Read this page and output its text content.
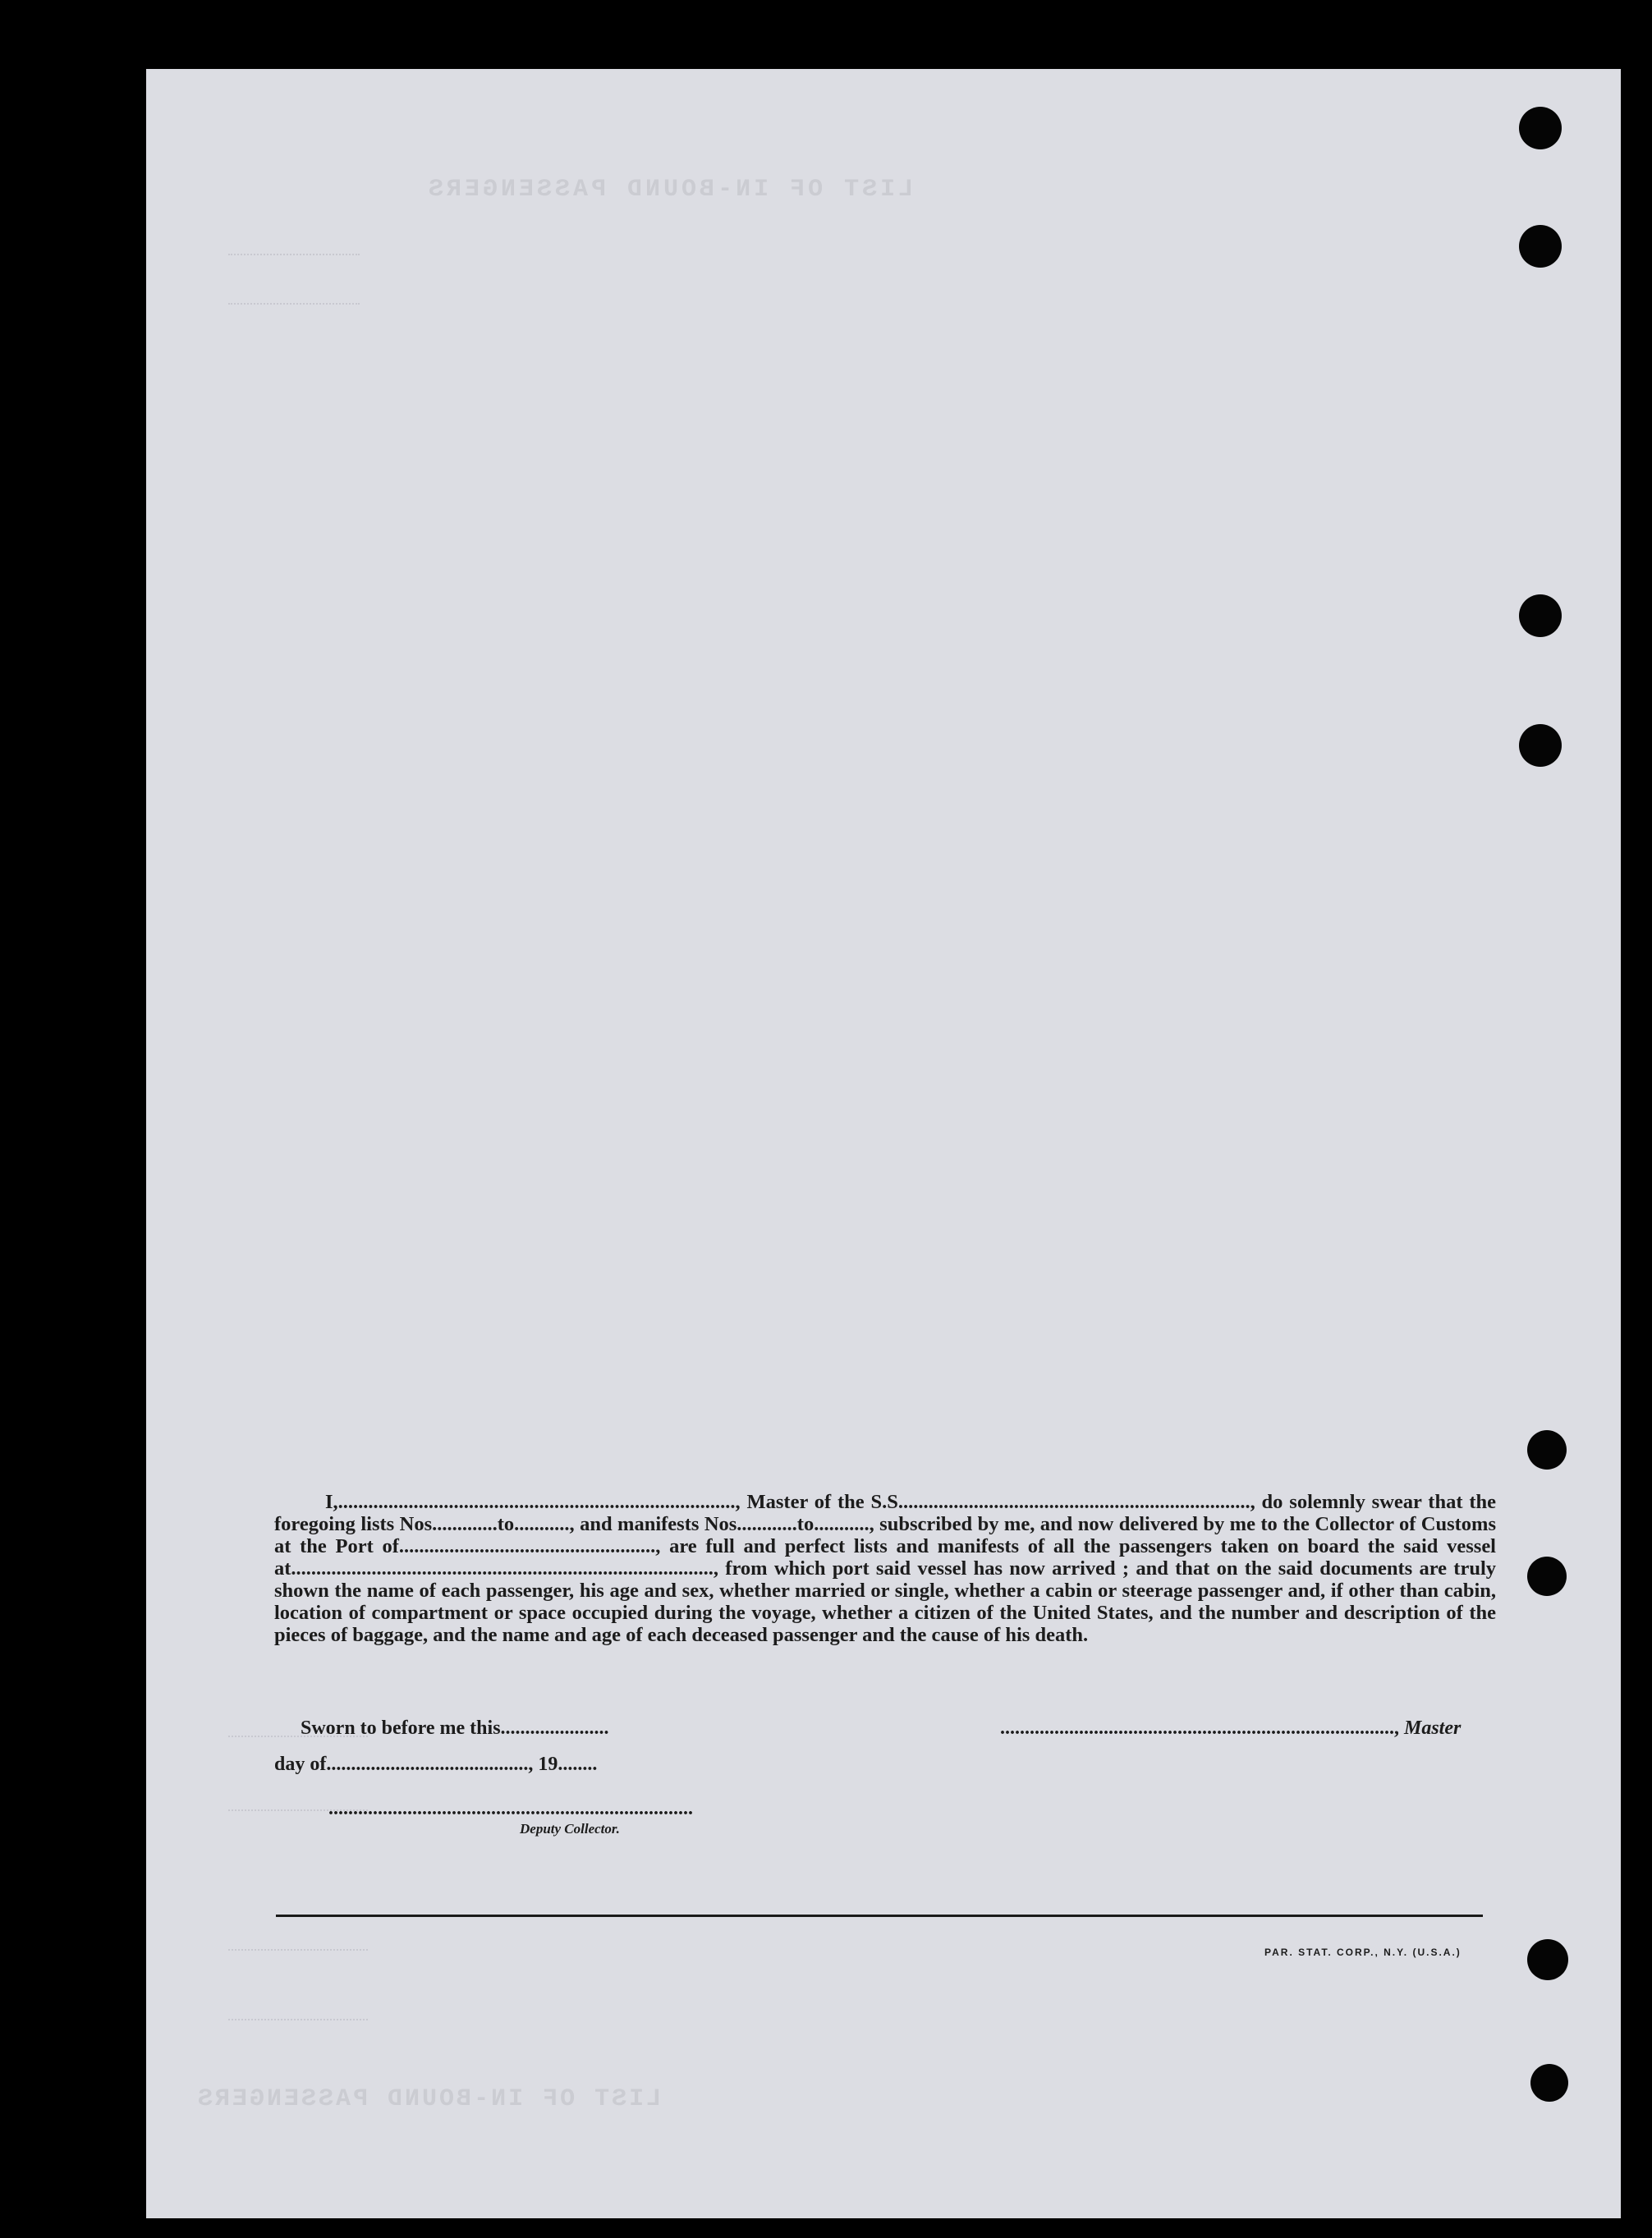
LIST OF IN-BOUND PASSENGERS
LIST OF IN-BOUND PASSENGERS

I,..............................................................................., Master of the S.S......................................................................, do solemnly swear that the foregoing lists Nos.............to..........., and manifests Nos............to..........., subscribed by me, and now delivered by me to the Collector of Customs at the Port of..................................................., are full and perfect lists and manifests of all the passengers taken on board the said vessel at...................................................................................., from which port said vessel has now arrived ; and that on the said documents are truly shown the name of each passenger, his age and sex, whether married or single, whether a cabin or steerage passenger and, if other than cabin, location of compartment or space occupied during the voyage, whether a citizen of the United States, and the number and description of the pieces of baggage, and the name and age of each deceased passenger and the cause of his death.

Sworn to before me this......................	................................................................................, Master
day of........................................., 19........
..........................................................................
Deputy Collector.
PAR. STAT. CORP., N.Y. (U.S.A.)
